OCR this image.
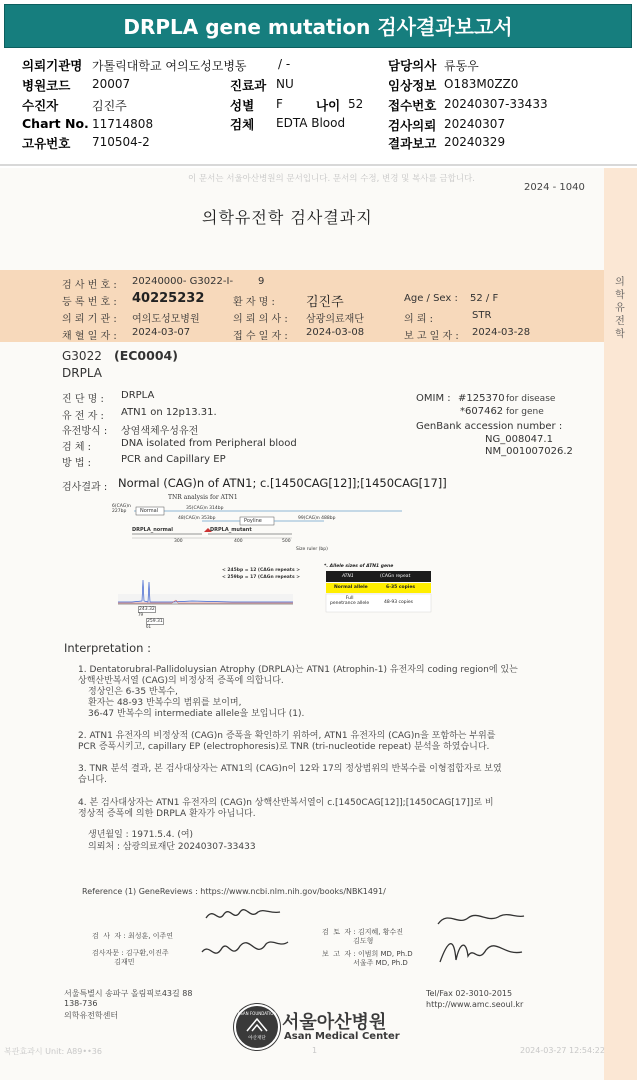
DRPLA gene mutation 검사결과보고서
의뢰기관명 가톨릭대학교 여의도성모병동	/ -
병원코드 20007
수진자	김진주
Chart No. 11714808
고유번호 710504-2
진료과 NU
성별 F	나이 52
검체 EDTA Blood
담당의사 류동우
임상정보 O183M0ZZ0
접수번호 20240307-33433
검사의뢰 20240307
결과보고 20240329
이 문서는 서울아산병원의 문서입니다. 문서의 수정, 변경 및 복사를 금합니다.
2024 - 1040
의학유전학 검사결과지
의
학
유
전
학
검 사 번 호 : 20240000- G3022-I- 9
등 록 번 호 : 40225232	환 자 명 : 김진주	Age / Sex : 52 / F
의 뢰 기 관 : 여의도성모병원	의 뢰 의 사 : 삼광의료재단	의 뢰 :	STR
채 혈 일 자 : 2024-03-07	접 수 일 자 : 2024-03-08	보 고 일 자 : 2024-03-28
G3022 (EC0004)
DRPLA
진 단 명 : DRPLA
유 전 자 : ATN1 on 12p13.31.
유전방식 : 상염색체우성유전
검 체 :	DNA isolated from Peripheral blood
방 법 :	PCR and Capillary EP
OMIM : #125370 for disease
*607462 for gene
GenBank accession number :
NG_008047.1
NM_001007026.2
검사결과 : Normal (CAG)n of ATN1; c.[1450CAG[12]];[1450CAG[17]]
TNR analysis for ATN1
6(CAG)n
227bp	Normal
Poyline
35(CAG)n 314bp
48(CAG)n 353bp	99(CAG)n 488bp
DRPLA_normal	DRPLA_mutant
300	400	500
Size ruler (bp)
< 245bp = 12 (CAGn repeats >
< 259bp = 17 (CAGn repeats >
243.32
79
259.31
61
*. Allele sizes of ATN1 gene
ATN1	(CAGn repeat
Normal allele	6-35 copies
Full
penetrance allele	48-93 copies
Interpretation :
1. Dentatorubral-Pallidoluysian Atrophy (DRPLA)는 ATN1 (Atrophin-1) 유전자의 coding region에 있는
상핵산반복서열 (CAG)의 비정상적 증폭에 의합니다.
정상인은 6-35 반복수,
환자는 48-93 반복수의 범위를 보이며,
36-47 반복수의 intermediate allele을 보입니다 (1).
2. ATN1 유전자의 비정상적 (CAG)n 증폭을 확인하기 위하여, ATN1 유전자의 (CAG)n을 포함하는 부위를
PCR 증폭시키고, capillary EP (electrophoresis)로 TNR (tri-nucleotide repeat) 분석을 하였습니다.
3. TNR 분석 결과, 본 검사대상자는 ATN1의 (CAG)n이 12와 17의 정상범위의 반복수를 이형접합자로 보였
습니다.
4. 본 검사대상자는 ATN1 유전자의 (CAG)n 상핵산반복서열이 c.[1450CAG[12]];[1450CAG[17]]로 비
정상적 증폭에 의한 DRPLA 환자가 아닙니다.
생년월일 : 1971.5.4. (여)
의뢰처 : 삼광의료재단 20240307-33433
Reference (1) GeneReviews : https://www.ncbi.nlm.nih.gov/books/NBK1491/
검  사  자 : 최성훈, 이주연
검사자문 : 김구환,이진주
김재민
검  토  자 : 김지혜, 황수진
김도형
보  고  자 : 이범희 MD, Ph.D
서울주 MD, Ph.D
서울특별시 송파구 올림픽로43길 88
138-736
의학유전학센터
Tel/Fax 02-3010-2015
http://www.amc.seoul.kr
ASAN FOUNDATION
아산재단
서울아산병원
Asan Medical Center
복관효과시 Unit: A89••36	1	2024-03-27 12:54:22
